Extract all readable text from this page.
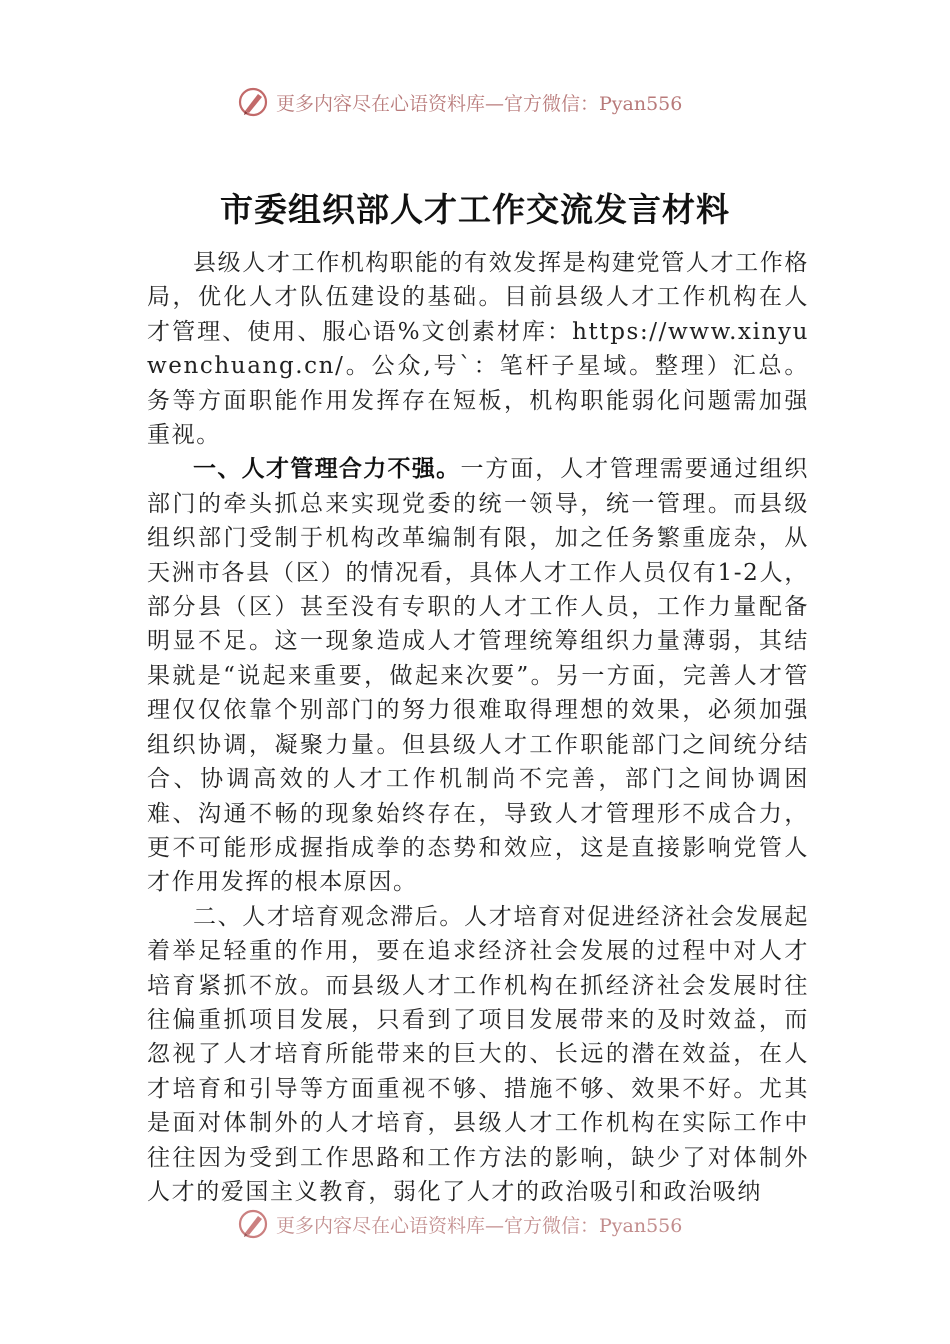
更多内容尽在心语资料库—官方微信：Pyan556
市委组织部人才工作交流发言材料

县级人才工作机构职能的有效发挥是构建党管人才工作格局，优化人才队伍建设的基础。目前县级人才工作机构在人才管理、使用、服心语%文创素材库：https://www.xinyuwenchuang.cn/。公众,号`：笔杆子星域。整理）汇总。务等方面职能作用发挥存在短板，机构职能弱化问题需加强重视。

一、人才管理合力不强。一方面，人才管理需要通过组织部门的牵头抓总来实现党委的统一领导，统一管理。而县级组织部门受制于机构改革编制有限，加之任务繁重庞杂，从天洲市各县（区）的情况看，具体人才工作人员仅有1-2人，部分县（区）甚至没有专职的人才工作人员，工作力量配备明显不足。这一现象造成人才管理统筹组织力量薄弱，其结果就是“说起来重要，做起来次要”。另一方面，完善人才管理仅仅依靠个别部门的努力很难取得理想的效果，必须加强组织协调，凝聚力量。但县级人才工作职能部门之间统分结合、协调高效的人才工作机制尚不完善，部门之间协调困难、沟通不畅的现象始终存在，导致人才管理形不成合力，更不可能形成握指成拳的态势和效应，这是直接影响党管人才作用发挥的根本原因。

二、人才培育观念滞后。人才培育对促进经济社会发展起着举足轻重的作用，要在追求经济社会发展的过程中对人才培育紧抓不放。而县级人才工作机构在抓经济社会发展时往往偏重抓项目发展，只看到了项目发展带来的及时效益，而忽视了人才培育所能带来的巨大的、长远的潜在效益，在人才培育和引导等方面重视不够、措施不够、效果不好。尤其是面对体制外的人才培育，县级人才工作机构在实际工作中往往因为受到工作思路和工作方法的影响，缺少了对体制外人才的爱国主义教育，弱化了人才的政治吸引和政治吸纳

更多内容尽在心语资料库—官方微信：Pyan556
